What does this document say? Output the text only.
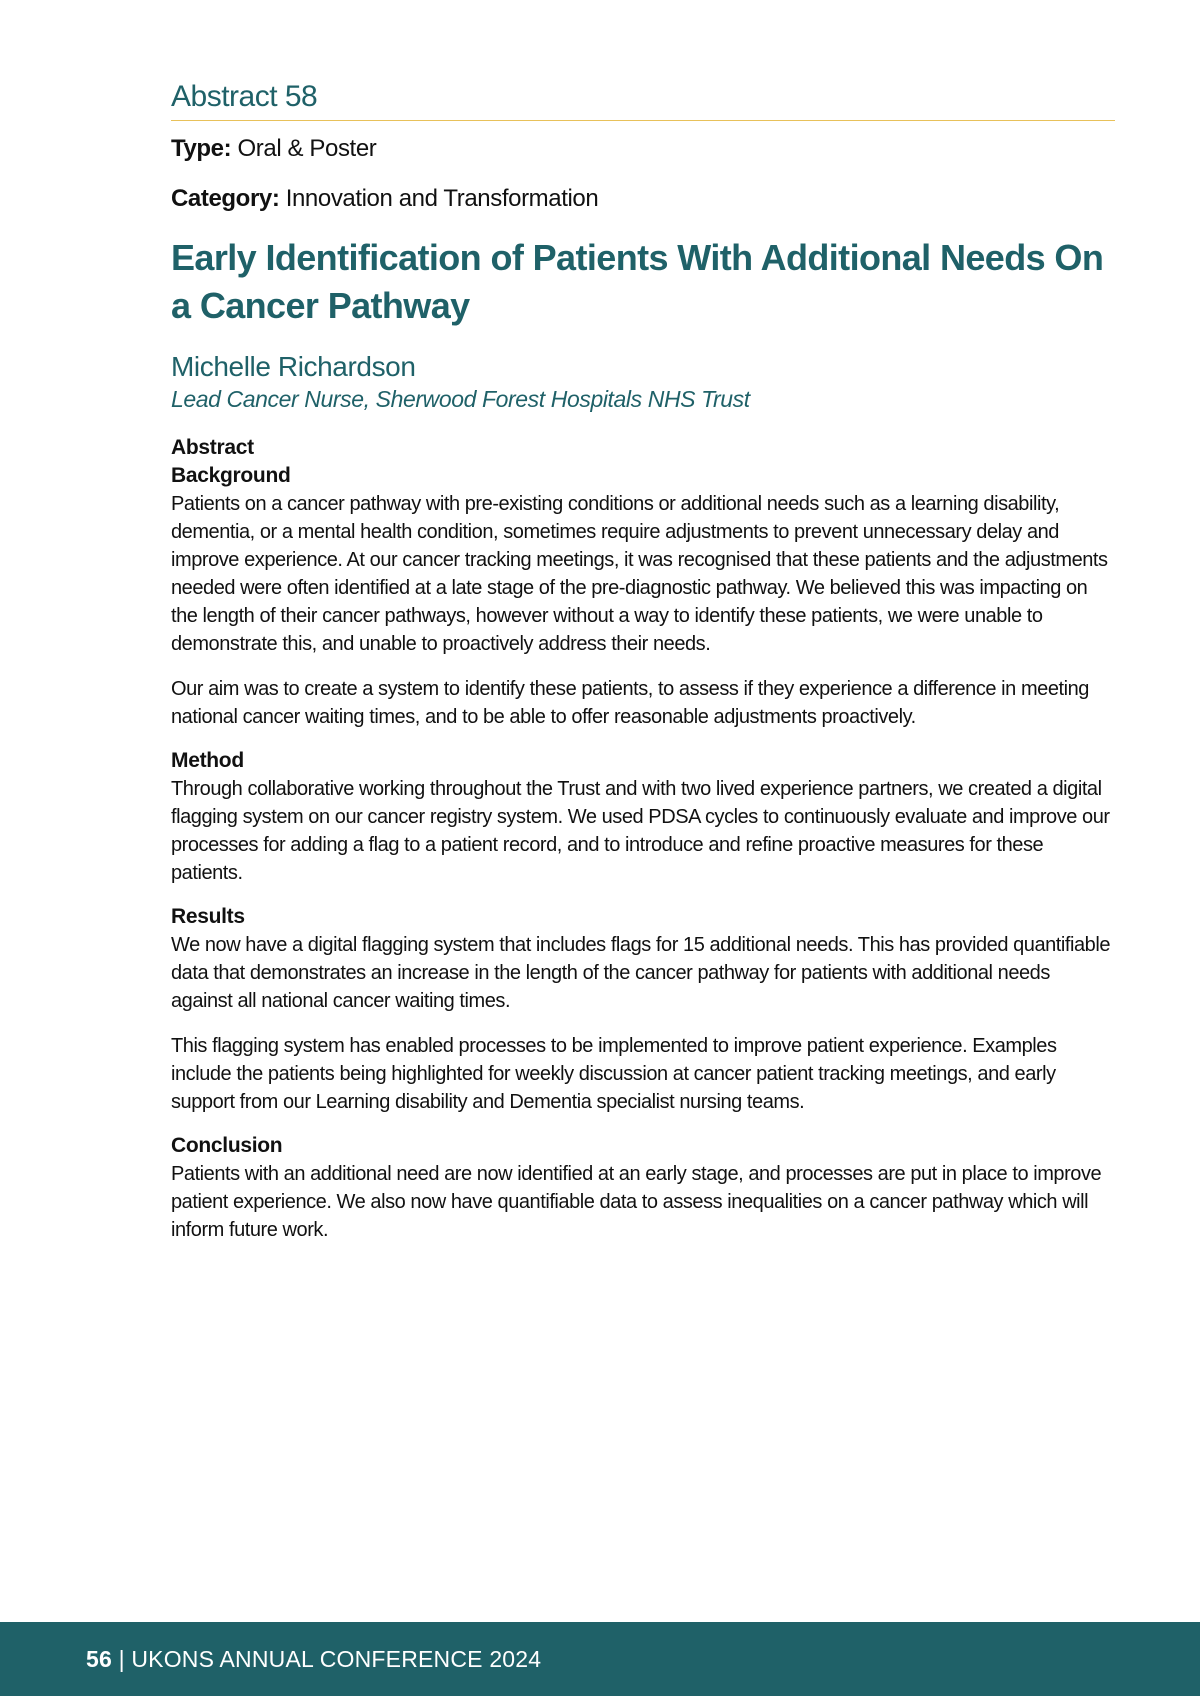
Abstract 58
Type: Oral & Poster
Category: Innovation and Transformation
Early Identification of Patients With Additional Needs On a Cancer Pathway
Michelle Richardson
Lead Cancer Nurse, Sherwood Forest Hospitals NHS Trust
Abstract
Background

Patients on a cancer pathway with pre-existing conditions or additional needs such as a learning disability, dementia, or a mental health condition, sometimes require adjustments to prevent unnecessary delay and improve experience. At our cancer tracking meetings, it was recognised that these patients and the adjustments needed were often identified at a late stage of the pre-diagnostic pathway. We believed this was impacting on the length of their cancer pathways, however without a way to identify these patients, we were unable to demonstrate this, and unable to proactively address their needs.

Our aim was to create a system to identify these patients, to assess if they experience a difference in meeting national cancer waiting times, and to be able to offer reasonable adjustments proactively.

Method

Through collaborative working throughout the Trust and with two lived experience partners, we created a digital flagging system on our cancer registry system. We used PDSA cycles to continuously evaluate and improve our processes for adding a flag to a patient record, and to introduce and refine proactive measures for these patients.

Results

We now have a digital flagging system that includes flags for 15 additional needs. This has provided quantifiable data that demonstrates an increase in the length of the cancer pathway for patients with additional needs against all national cancer waiting times.

This flagging system has enabled processes to be implemented to improve patient experience. Examples include the patients being highlighted for weekly discussion at cancer patient tracking meetings, and early support from our Learning disability and Dementia specialist nursing teams.

Conclusion

Patients with an additional need are now identified at an early stage, and processes are put in place to improve patient experience. We also now have quantifiable data to assess inequalities on a cancer pathway which will inform future work.

56 | UKONS ANNUAL CONFERENCE 2024
